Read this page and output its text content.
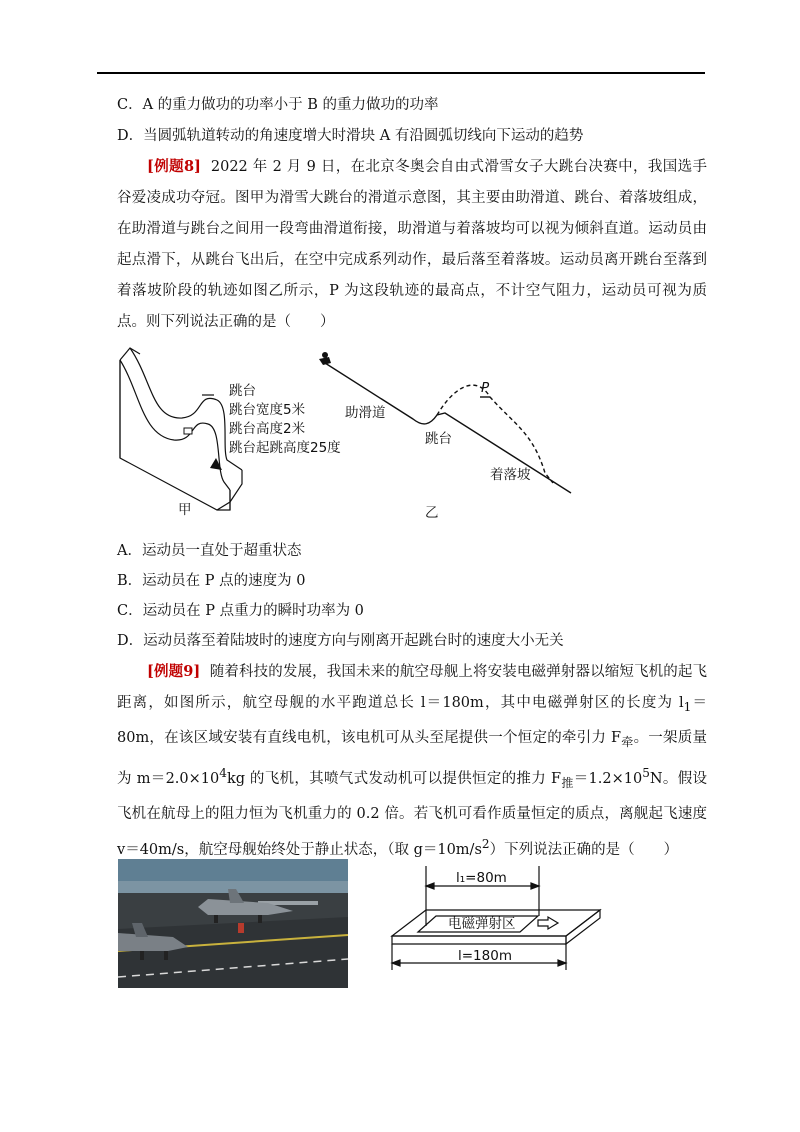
C．A 的重力做功的功率小于 B 的重力做功的功率
D．当圆弧轨道转动的角速度增大时滑块 A 有沿圆弧切线向下运动的趋势
[例题8] 2022 年 2 月 9 日，在北京冬奥会自由式滑雪女子大跳台决赛中，我国选手谷爱凌成功夺冠。图甲为滑雪大跳台的滑道示意图，其主要由助滑道、跳台、着落坡组成，在助滑道与跳台之间用一段弯曲滑道衔接，助滑道与着落坡均可以视为倾斜直道。运动员由起点滑下，从跳台飞出后，在空中完成系列动作，最后落至着落坡。运动员离开跳台至落到着落坡阶段的轨迹如图乙所示，P 为这段轨迹的最高点，不计空气阻力，运动员可视为质点。则下列说法正确的是（　　）
跳台
跳台宽度5米
跳台高度2米
跳台起跳高度25度
甲
助滑道
跳台
着落坡
P
乙
A．运动员一直处于超重状态
B．运动员在 P 点的速度为 0
C．运动员在 P 点重力的瞬时功率为 0
D．运动员落至着陆坡时的速度方向与刚离开起跳台时的速度大小无关
[例题9] 随着科技的发展，我国未来的航空母舰上将安装电磁弹射器以缩短飞机的起飞距离，如图所示，航空母舰的水平跑道总长 l＝180m，其中电磁弹射区的长度为 $l_1=80m$，在该区域安装有直线电机，该电机可从头至尾提供一个恒定的牵引力 $F_牵$。一架质量为 $m=2.0\times 10^4kg$ 的飞机，其喷气式发动机可以提供恒定的推力 $F_推=1.2\times 10^5N$。假设飞机在航母上的阻力恒为飞机重力的 0.2 倍。若飞机可看作质量恒定的质点，离舰起飞速度 v＝40m/s，航空母舰始终处于静止状态，（取 $g=10m/s^2$）下列说法正确的是（　　）
l₁=80m
电磁弹射区
l=180m
